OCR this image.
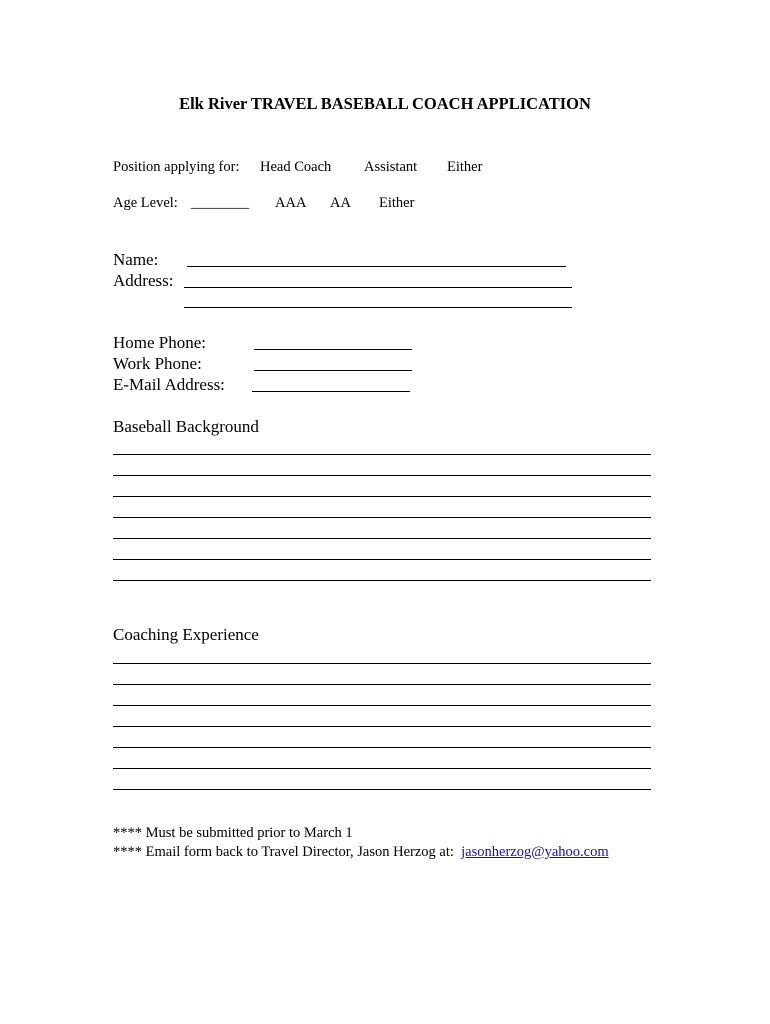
Elk River TRAVEL BASEBALL COACH APPLICATION
Position applying for: Head Coach Assistant Either
Age Level: ________ AAA AA Either
Name:
Address:
Home Phone:
Work Phone:
E-Mail Address:
Baseball Background
Coaching Experience
**** Must be submitted prior to March 1
**** Email form back to Travel Director, Jason Herzog at: jasonherzog@yahoo.com
